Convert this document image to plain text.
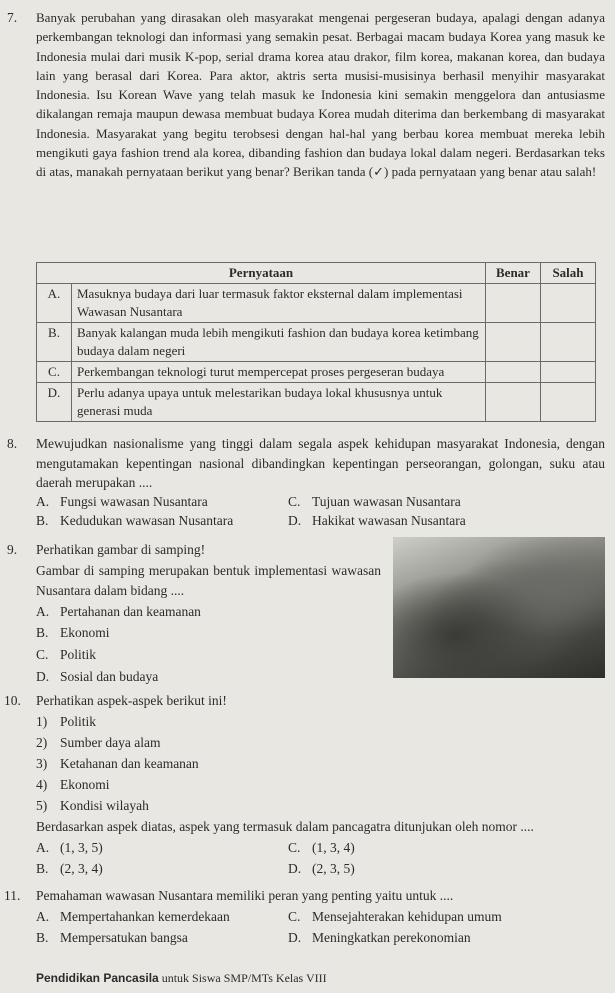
7. Banyak perubahan yang dirasakan oleh masyarakat mengenai pergeseran budaya, apalagi dengan adanya perkembangan teknologi dan informasi yang semakin pesat. Berbagai macam budaya Korea yang masuk ke Indonesia mulai dari musik K-pop, serial drama korea atau drakor, film korea, makanan korea, dan budaya lain yang berasal dari Korea. Para aktor, aktris serta musisi-musisinya berhasil menyihir masyarakat Indonesia. Isu Korean Wave yang telah masuk ke Indonesia kini semakin menggelora dan antusiasme dikalangan remaja maupun dewasa membuat budaya Korea mudah diterima dan berkembang di masyarakat Indonesia. Masyarakat yang begitu terobsesi dengan hal-hal yang berbau korea membuat mereka lebih mengikuti gaya fashion trend ala korea, dibanding fashion dan budaya lokal dalam negeri. Berdasarkan teks di atas, manakah pernyataan berikut yang benar? Berikan tanda (✓) pada pernyataan yang benar atau salah!
Pernyataan		Benar	Salah
A.	Masuknya budaya dari luar termasuk faktor eksternal dalam implementasi Wawasan Nusantara		
B.	Banyak kalangan muda lebih mengikuti fashion dan budaya korea ketimbang budaya dalam negeri		
C.	Perkembangan teknologi turut mempercepat proses pergeseran budaya		
D.	Perlu adanya upaya untuk melestarikan budaya lokal khususnya untuk generasi muda		
8. Mewujudkan nasionalisme yang tinggi dalam segala aspek kehidupan masyarakat Indonesia, dengan mengutamakan kepentingan nasional dibandingkan kepentingan perseorangan, golongan, suku atau daerah merupakan ....
A. Fungsi wawasan Nusantara	C. Tujuan wawasan Nusantara
B. Kedudukan wawasan Nusantara	D. Hakikat wawasan Nusantara
9. Perhatikan gambar di samping!
Gambar di samping merupakan bentuk implementasi wawasan Nusantara dalam bidang ....
A. Pertahanan dan keamanan
B. Ekonomi
C. Politik
D. Sosial dan budaya
10. Perhatikan aspek-aspek berikut ini!
1) Politik
2) Sumber daya alam
3) Ketahanan dan keamanan
4) Ekonomi
5) Kondisi wilayah
Berdasarkan aspek diatas, aspek yang termasuk dalam pancagatra ditunjukan oleh nomor ....
A. (1, 3, 5)	C. (1, 3, 4)
B. (2, 3, 4)	D. (2, 3, 5)
11. Pemahaman wawasan Nusantara memiliki peran yang penting yaitu untuk ....
A. Mempertahankan kemerdekaan	C. Mensejahterakan kehidupan umum
B. Mempersatukan bangsa	D. Meningkatkan perekonomian
Pendidikan Pancasila untuk Siswa SMP/MTs Kelas VIII
